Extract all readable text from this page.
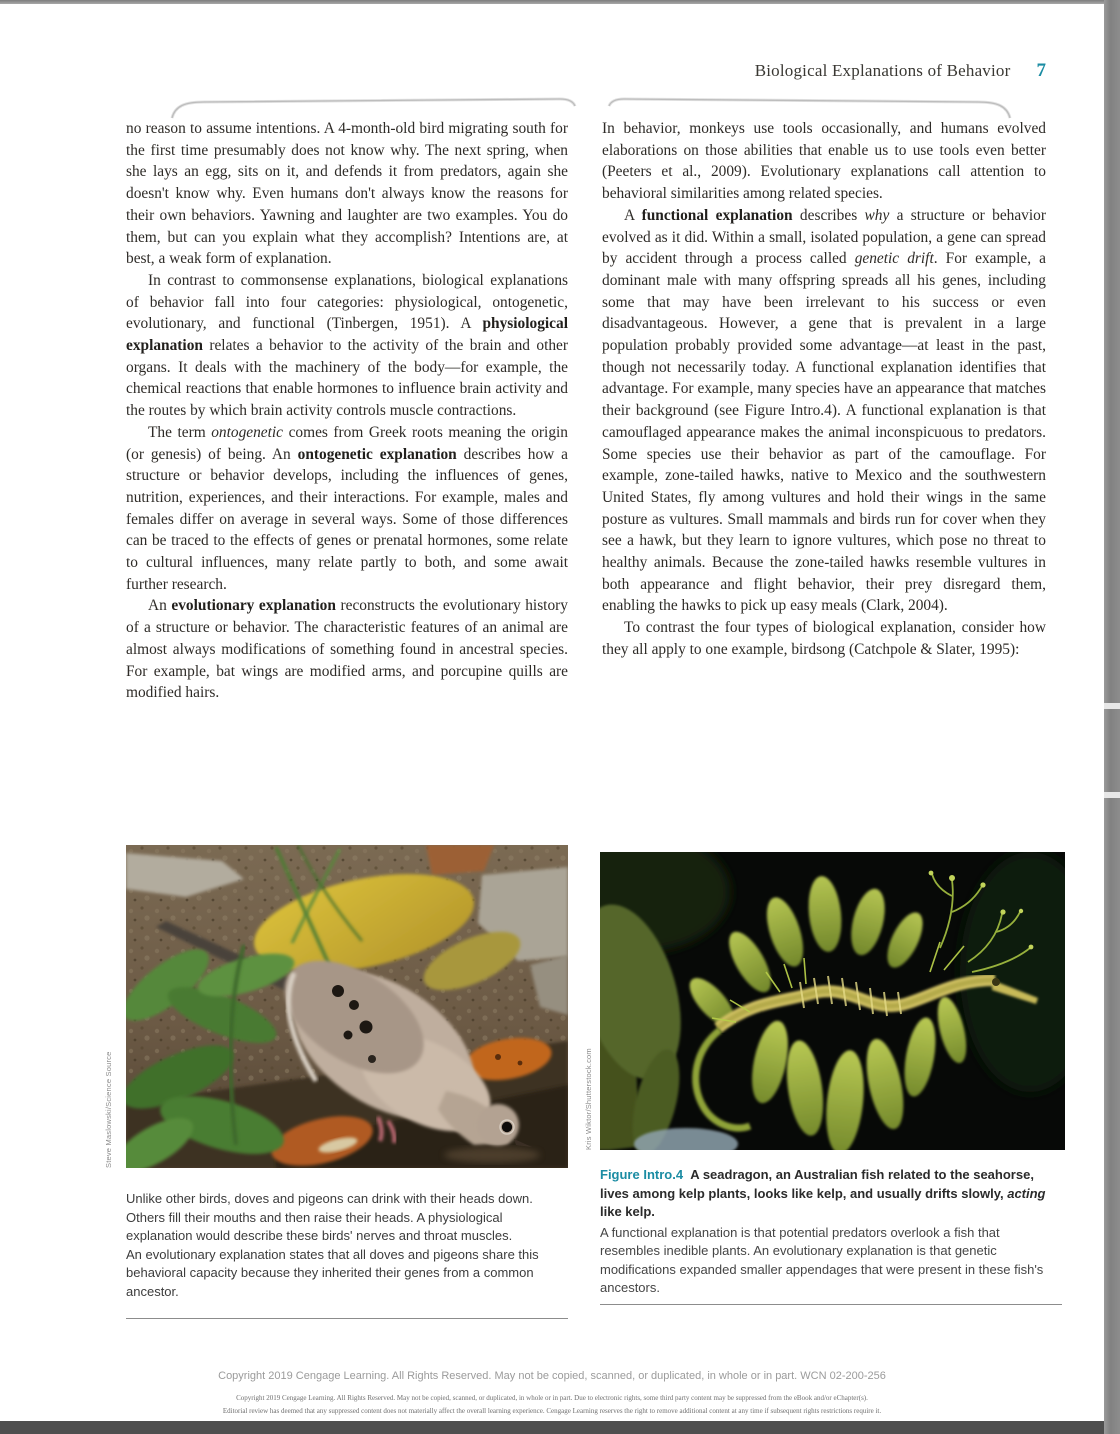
Biological Explanations of Behavior 7

no reason to assume intentions. A 4-month-old bird migrating south for the first time presumably does not know why. The next spring, when she lays an egg, sits on it, and defends it from predators, again she doesn't know why. Even humans don't always know the reasons for their own behaviors. Yawning and laughter are two examples. You do them, but can you explain what they accomplish? Intentions are, at best, a weak form of explanation.

In contrast to commonsense explanations, biological explanations of behavior fall into four categories: physiological, ontogenetic, evolutionary, and functional (Tinbergen, 1951). A physiological explanation relates a behavior to the activity of the brain and other organs. It deals with the machinery of the body—for example, the chemical reactions that enable hormones to influence brain activity and the routes by which brain activity controls muscle contractions.

The term ontogenetic comes from Greek roots meaning the origin (or genesis) of being. An ontogenetic explanation describes how a structure or behavior develops, including the influences of genes, nutrition, experiences, and their interactions. For example, males and females differ on average in several ways. Some of those differences can be traced to the effects of genes or prenatal hormones, some relate to cultural influences, many relate partly to both, and some await further research.

An evolutionary explanation reconstructs the evolutionary history of a structure or behavior. The characteristic features of an animal are almost always modifications of something found in ancestral species. For example, bat wings are modified arms, and porcupine quills are modified hairs.

In behavior, monkeys use tools occasionally, and humans evolved elaborations on those abilities that enable us to use tools even better (Peeters et al., 2009). Evolutionary explanations call attention to behavioral similarities among related species.

A functional explanation describes why a structure or behavior evolved as it did. Within a small, isolated population, a gene can spread by accident through a process called genetic drift. For example, a dominant male with many offspring spreads all his genes, including some that may have been irrelevant to his success or even disadvantageous. However, a gene that is prevalent in a large population probably provided some advantage—at least in the past, though not necessarily today. A functional explanation identifies that advantage. For example, many species have an appearance that matches their background (see Figure Intro.4). A functional explanation is that camouflaged appearance makes the animal inconspicuous to predators. Some species use their behavior as part of the camouflage. For example, zone-tailed hawks, native to Mexico and the southwestern United States, fly among vultures and hold their wings in the same posture as vultures. Small mammals and birds run for cover when they see a hawk, but they learn to ignore vultures, which pose no threat to healthy animals. Because the zone-tailed hawks resemble vultures in both appearance and flight behavior, their prey disregard them, enabling the hawks to pick up easy meals (Clark, 2004).

To contrast the four types of biological explanation, consider how they all apply to one example, birdsong (Catchpole & Slater, 1995):

Steve Maslowski/Science Source	Kris Wiktor/Shutterstock.com

Unlike other birds, doves and pigeons can drink with their heads down. Others fill their mouths and then raise their heads. A physiological explanation would describe these birds' nerves and throat muscles.

An evolutionary explanation states that all doves and pigeons share this behavioral capacity because they inherited their genes from a common ancestor.

Figure Intro.4 A seadragon, an Australian fish related to the seahorse, lives among kelp plants, looks like kelp, and usually drifts slowly, acting like kelp.

A functional explanation is that potential predators overlook a fish that resembles inedible plants. An evolutionary explanation is that genetic modifications expanded smaller appendages that were present in these fish's ancestors.

Copyright 2019 Cengage Learning. All Rights Reserved. May not be copied, scanned, or duplicated, in whole or in part. WCN 02-200-256
Copyright 2019 Cengage Learning. All Rights Reserved. May not be copied, scanned, or duplicated, in whole or in part. Due to electronic rights, some third party content may be suppressed from the eBook and/or eChapter(s).
Editorial review has deemed that any suppressed content does not materially affect the overall learning experience. Cengage Learning reserves the right to remove additional content at any time if subsequent rights restrictions require it.
